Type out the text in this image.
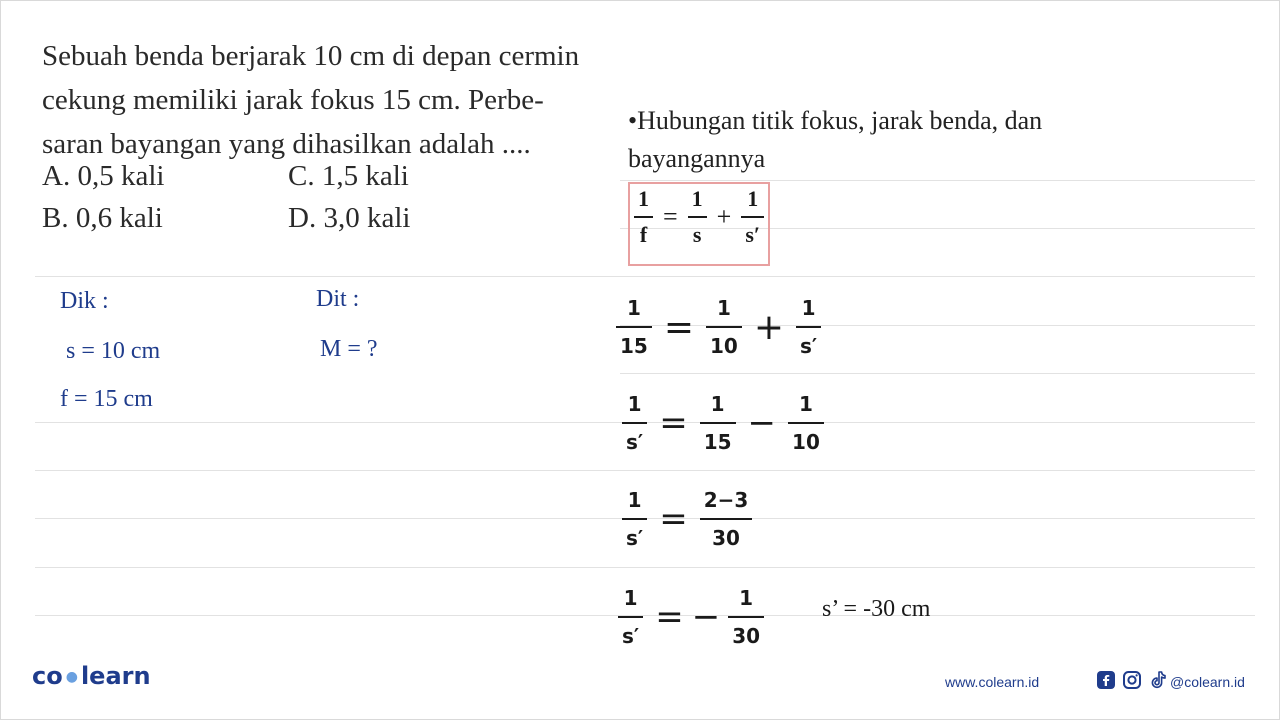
Sebuah benda berjarak 10 cm di depan cermin
cekung memiliki jarak fokus 15 cm. Perbe-
saran bayangan yang dihasilkan adalah ....
A. 0,5 kali	C. 1,5 kali
B. 0,6 kali	D. 3,0 kali
•Hubungan titik fokus, jarak benda, dan
bayangannya
$\frac{1}{f} = \frac{1}{s} + \frac{1}{s'}$
Dik :	Dit :
s = 10 cm	M = ?
f = 15 cm
$\frac{1}{15} = \frac{1}{10} + \frac{1}{s'}$
$\frac{1}{s'} = \frac{1}{15} - \frac{1}{10}$
$\frac{1}{s'} = \frac{2-3}{30}$
$\frac{1}{s'}$ = − $\frac{1}{30} s$’ = -30 cm
co ● learn	www.colearn.id	@colearn.id
